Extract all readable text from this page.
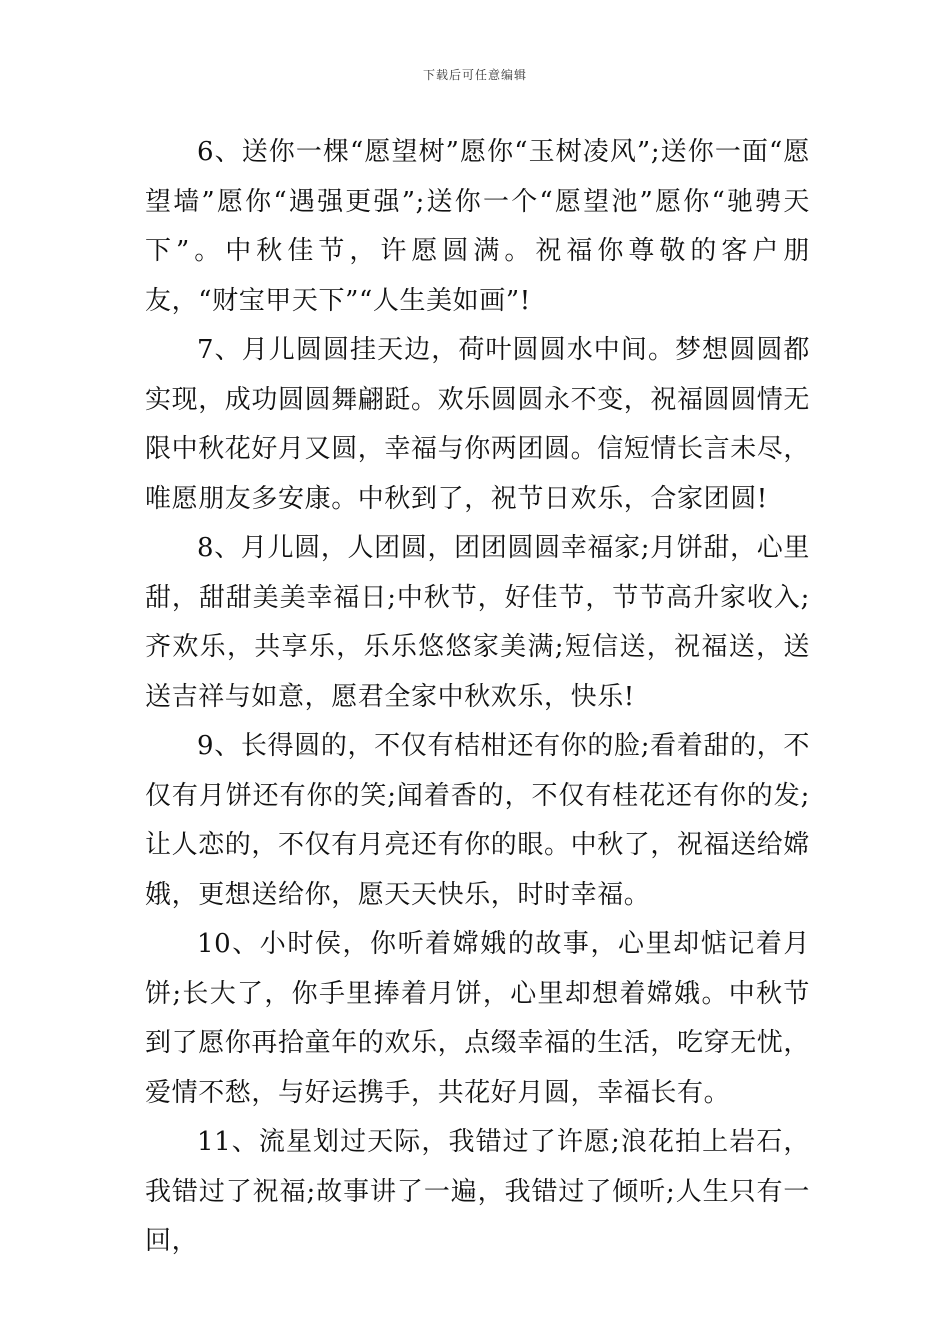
下载后可任意编辑

6、送你一棵“愿望树”愿你“玉树凌风”;送你一面“愿望墙”愿你“遇强更强”;送你一个“愿望池”愿你“驰骋天下”。中秋佳节，许愿圆满。祝福你尊敬的客户朋友，“财宝甲天下”“人生美如画”!

7、月儿圆圆挂天边，荷叶圆圆水中间。梦想圆圆都实现，成功圆圆舞翩跹。欢乐圆圆永不变，祝福圆圆情无限中秋花好月又圆，幸福与你两团圆。信短情长言未尽，唯愿朋友多安康。中秋到了，祝节日欢乐，合家团圆!

8、月儿圆，人团圆，团团圆圆幸福家;月饼甜，心里甜，甜甜美美幸福日;中秋节，好佳节，节节高升家收入;齐欢乐，共享乐，乐乐悠悠家美满;短信送，祝福送，送送吉祥与如意，愿君全家中秋欢乐，快乐!

9、长得圆的，不仅有桔柑还有你的脸;看着甜的，不仅有月饼还有你的笑;闻着香的，不仅有桂花还有你的发;让人恋的，不仅有月亮还有你的眼。中秋了，祝福送给嫦娥，更想送给你，愿天天快乐，时时幸福。

10、小时侯，你听着嫦娥的故事，心里却惦记着月饼;长大了，你手里捧着月饼，心里却想着嫦娥。中秋节到了愿你再拾童年的欢乐，点缀幸福的生活，吃穿无忧，爱情不愁，与好运携手，共花好月圆，幸福长有。

11、流星划过天际，我错过了许愿;浪花拍上岩石，我错过了祝福;故事讲了一遍，我错过了倾听;人生只有一回，
